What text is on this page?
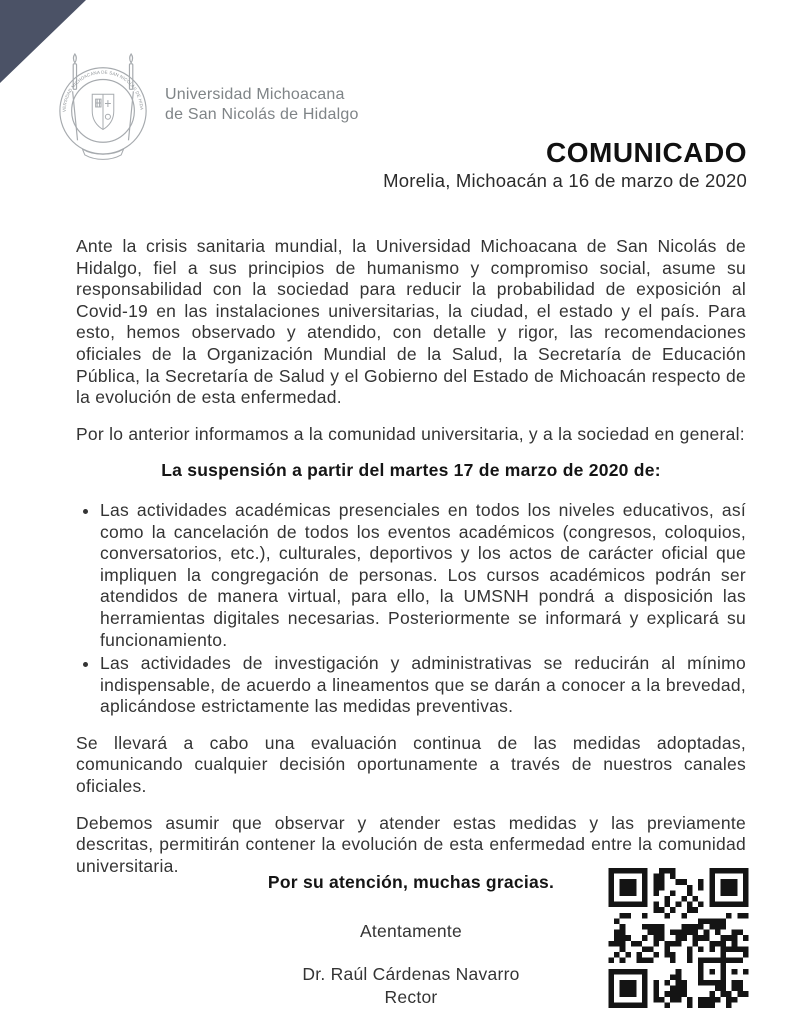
VERSIDAD MICHOACANA DE SAN NICOLÁS DE HIDA
Universidad Michoacana
de San Nicolás de Hidalgo
COMUNICADO
Morelia, Michoacán a 16 de marzo de 2020

Ante la crisis sanitaria mundial, la Universidad Michoacana de San Nicolás de Hidalgo, fiel a sus principios de humanismo y compromiso social, asume su responsabilidad con la sociedad para reducir la probabilidad de exposición al Covid-19 en las instalaciones universitarias, la ciudad, el estado y el país. Para esto, hemos observado y atendido, con detalle y rigor, las recomendaciones oficiales de la Organización Mundial de la Salud, la Secretaría de Educación Pública, la Secretaría de Salud y el Gobierno del Estado de Michoacán respecto de la evolución de esta enfermedad.

Por lo anterior informamos a la comunidad universitaria, y a la sociedad en general:

La suspensión a partir del martes 17 de marzo de 2020 de:

• Las actividades académicas presenciales en todos los niveles educativos, así como la cancelación de todos los eventos académicos (congresos, coloquios, conversatorios, etc.), culturales, deportivos y los actos de carácter oficial que impliquen la congregación de personas. Los cursos académicos podrán ser atendidos de manera virtual, para ello, la UMSNH pondrá a disposición las herramientas digitales necesarias. Posteriormente se informará y explicará su funcionamiento.
• Las actividades de investigación y administrativas se reducirán al mínimo indispensable, de acuerdo a lineamentos que se darán a conocer a la brevedad, aplicándose estrictamente las medidas preventivas.

Se llevará a cabo una evaluación continua de las medidas adoptadas, comunicando cualquier decisión oportunamente a través de nuestros canales oficiales.

Debemos asumir que observar y atender estas medidas y las previamente descritas, permitirán contener la evolución de esta enfermedad entre la comunidad universitaria.

Por su atención, muchas gracias.
Atentamente
Dr. Raúl Cárdenas Navarro
Rector
